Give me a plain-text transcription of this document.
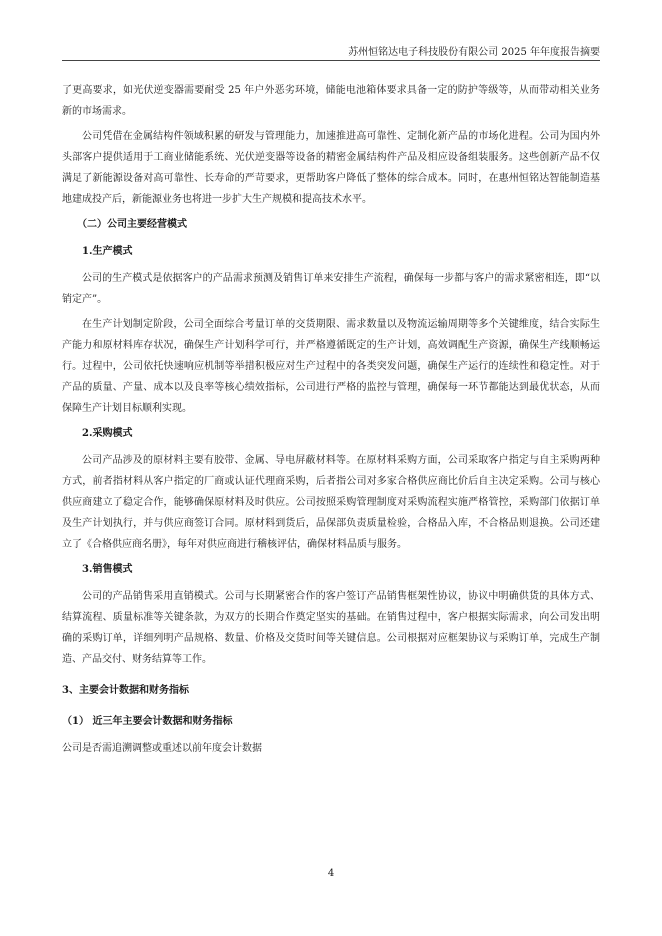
苏州恒铭达电子科技股份有限公司 2025 年年度报告摘要

了更高要求，如光伏逆变器需要耐受 25 年户外恶劣环境，储能电池箱体要求具备一定的防护等级等，从而带动相关业务新的市场需求。

公司凭借在金属结构件领域积累的研发与管理能力，加速推进高可靠性、定制化新产品的市场化进程。公司为国内外头部客户提供适用于工商业储能系统、光伏逆变器等设备的精密金属结构件产品及相应设备组装服务。这些创新产品不仅满足了新能源设备对高可靠性、长寿命的严苛要求，更帮助客户降低了整体的综合成本。同时，在惠州恒铭达智能制造基地建成投产后，新能源业务也将进一步扩大生产规模和提高技术水平。

（二）公司主要经营模式

1.生产模式

公司的生产模式是依据客户的产品需求预测及销售订单来安排生产流程，确保每一步都与客户的需求紧密相连，即“以销定产”。

在生产计划制定阶段，公司全面综合考量订单的交货期限、需求数量以及物流运输周期等多个关键维度，结合实际生产能力和原材料库存状况，确保生产计划科学可行，并严格遵循既定的生产计划，高效调配生产资源，确保生产线顺畅运行。过程中，公司依托快速响应机制等举措积极应对生产过程中的各类突发问题，确保生产运行的连续性和稳定性。对于产品的质量、产量、成本以及良率等核心绩效指标，公司进行严格的监控与管理，确保每一环节都能达到最优状态，从而保障生产计划目标顺利实现。

2.采购模式

公司产品涉及的原材料主要有胶带、金属、导电屏蔽材料等。在原材料采购方面，公司采取客户指定与自主采购两种方式，前者指材料从客户指定的厂商或认证代理商采购，后者指公司对多家合格供应商比价后自主决定采购。公司与核心供应商建立了稳定合作，能够确保原材料及时供应。公司按照采购管理制度对采购流程实施严格管控，采购部门依据订单及生产计划执行，并与供应商签订合同。原材料到货后，品保部负责质量检验，合格品入库，不合格品则退换。公司还建立了《合格供应商名册》，每年对供应商进行稽核评估，确保材料品质与服务。

3.销售模式

公司的产品销售采用直销模式。公司与长期紧密合作的客户签订产品销售框架性协议，协议中明确供货的具体方式、结算流程、质量标准等关键条款，为双方的长期合作奠定坚实的基础。在销售过程中，客户根据实际需求，向公司发出明确的采购订单，详细列明产品规格、数量、价格及交货时间等关键信息。公司根据对应框架协议与采购订单，完成生产制造、产品交付、财务结算等工作。

3、主要会计数据和财务指标

（1） 近三年主要会计数据和财务指标

公司是否需追溯调整或重述以前年度会计数据

4
